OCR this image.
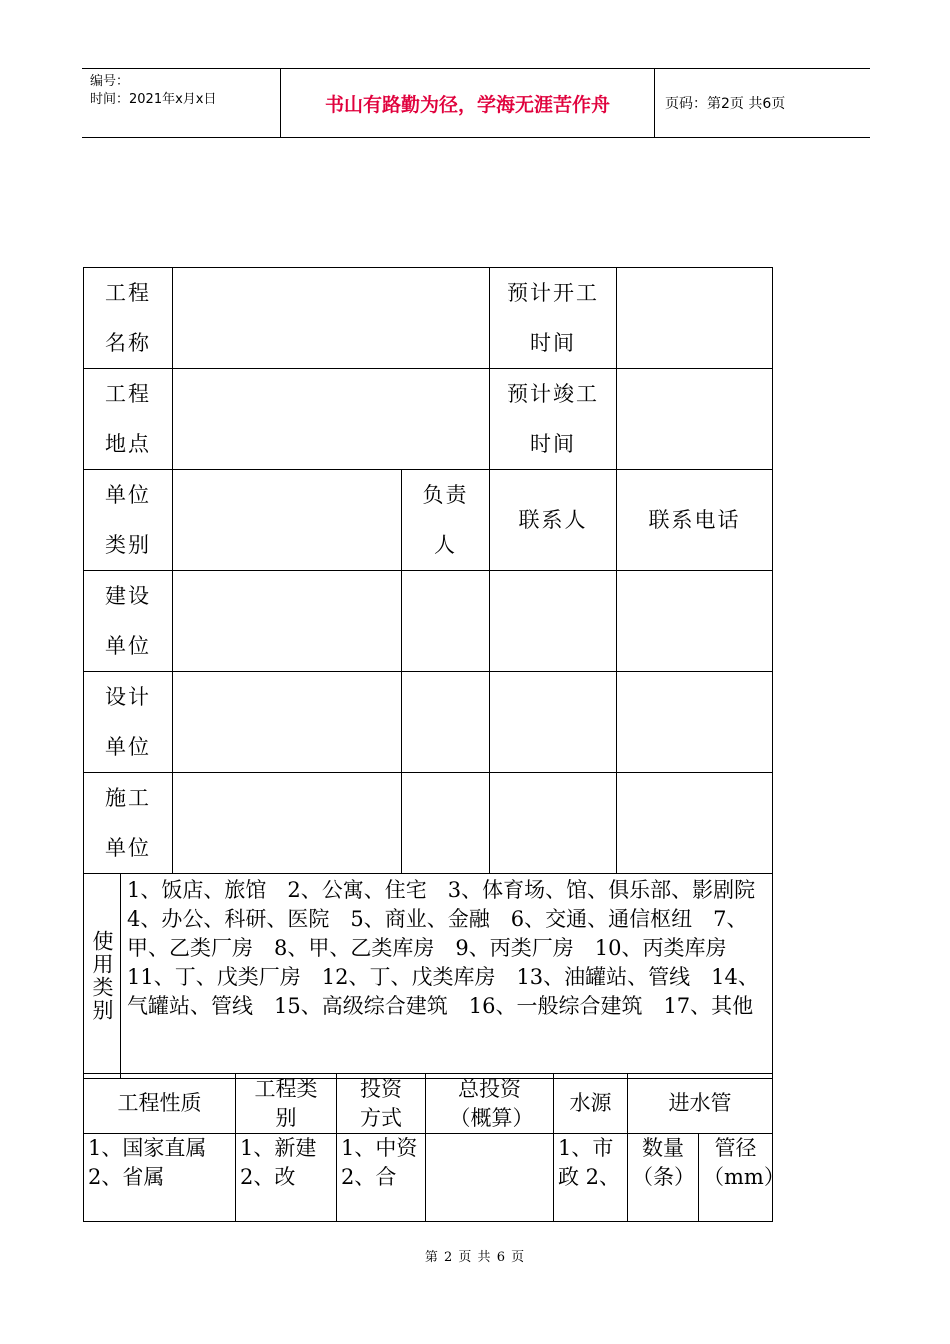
编号：
时间：2021年x月x日	书山有路勤为径，学海无涯苦作舟	页码：第2页 共6页
工程名称			预计开工时间	

工程地点			预计竣工时间	

单位类别		负责人	联系人	联系电话

建设单位				

设计单位				

施工单位				

使用类别
1、饭店、旅馆　2、公寓、住宅　3、体育场、馆、俱乐部、影剧院　4、办公、科研、医院　5、商业、金融　6、交通、通信枢纽　7、甲、乙类厂房　8、甲、乙类库房　9、丙类厂房　10、丙类库房　11、丁、戊类厂房　12、丁、戊类库房　13、油罐站、管线　14、气罐站、管线　15、高级综合建筑　16、一般综合建筑　17、其他				
工程性质	工程类别	投资方式	总投资（概算）	水源	进水管	
1、国家直属 2、省属	1、新建 2、改	1、中资 2、合		1、市政 2、	数量（条）	管径（mm）
第 2 页 共 6 页
